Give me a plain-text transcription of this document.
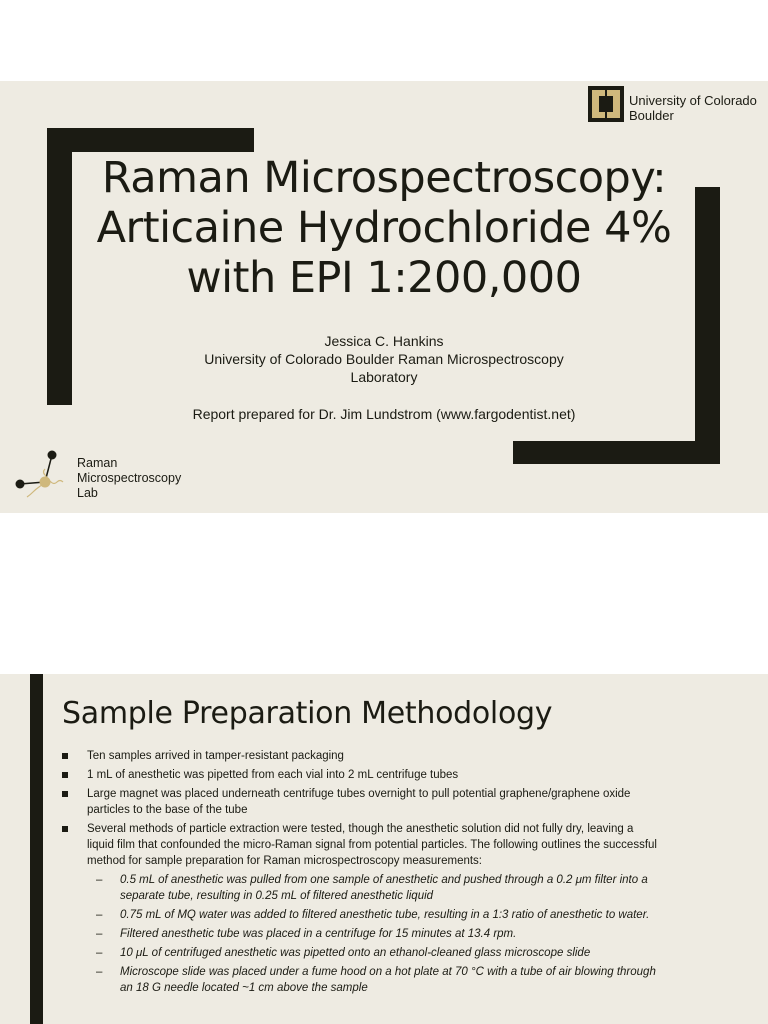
University of Colorado
Boulder
Raman Microspectroscopy:
Articaine Hydrochloride 4%
with EPI 1:200,000
Jessica C. Hankins
University of Colorado Boulder Raman Microspectroscopy
Laboratory
Report prepared for Dr. Jim Lundstrom (www.fargodentist.net)
Raman
Microspectroscopy
Lab
Sample Preparation Methodology
Ten samples arrived in tamper-resistant packaging
1 mL of anesthetic was pipetted from each vial into 2 mL centrifuge tubes
Large magnet was placed underneath centrifuge tubes overnight to pull potential graphene/graphene oxide particles to the base of the tube
Several methods of particle extraction were tested, though the anesthetic solution did not fully dry, leaving a liquid film that confounded the micro-Raman signal from potential particles. The following outlines the successful method for sample preparation for Raman microspectroscopy measurements:
– 0.5 mL of anesthetic was pulled from one sample of anesthetic and pushed through a 0.2 μm filter into a separate tube, resulting in 0.25 mL of filtered anesthetic liquid
– 0.75 mL of MQ water was added to filtered anesthetic tube, resulting in a 1:3 ratio of anesthetic to water.
– Filtered anesthetic tube was placed in a centrifuge for 15 minutes at 13.4 rpm.
– 10 μL of centrifuged anesthetic was pipetted onto an ethanol-cleaned glass microscope slide
– Microscope slide was placed under a fume hood on a hot plate at 70 °C with a tube of air blowing through an 18 G needle located ~1 cm above the sample
